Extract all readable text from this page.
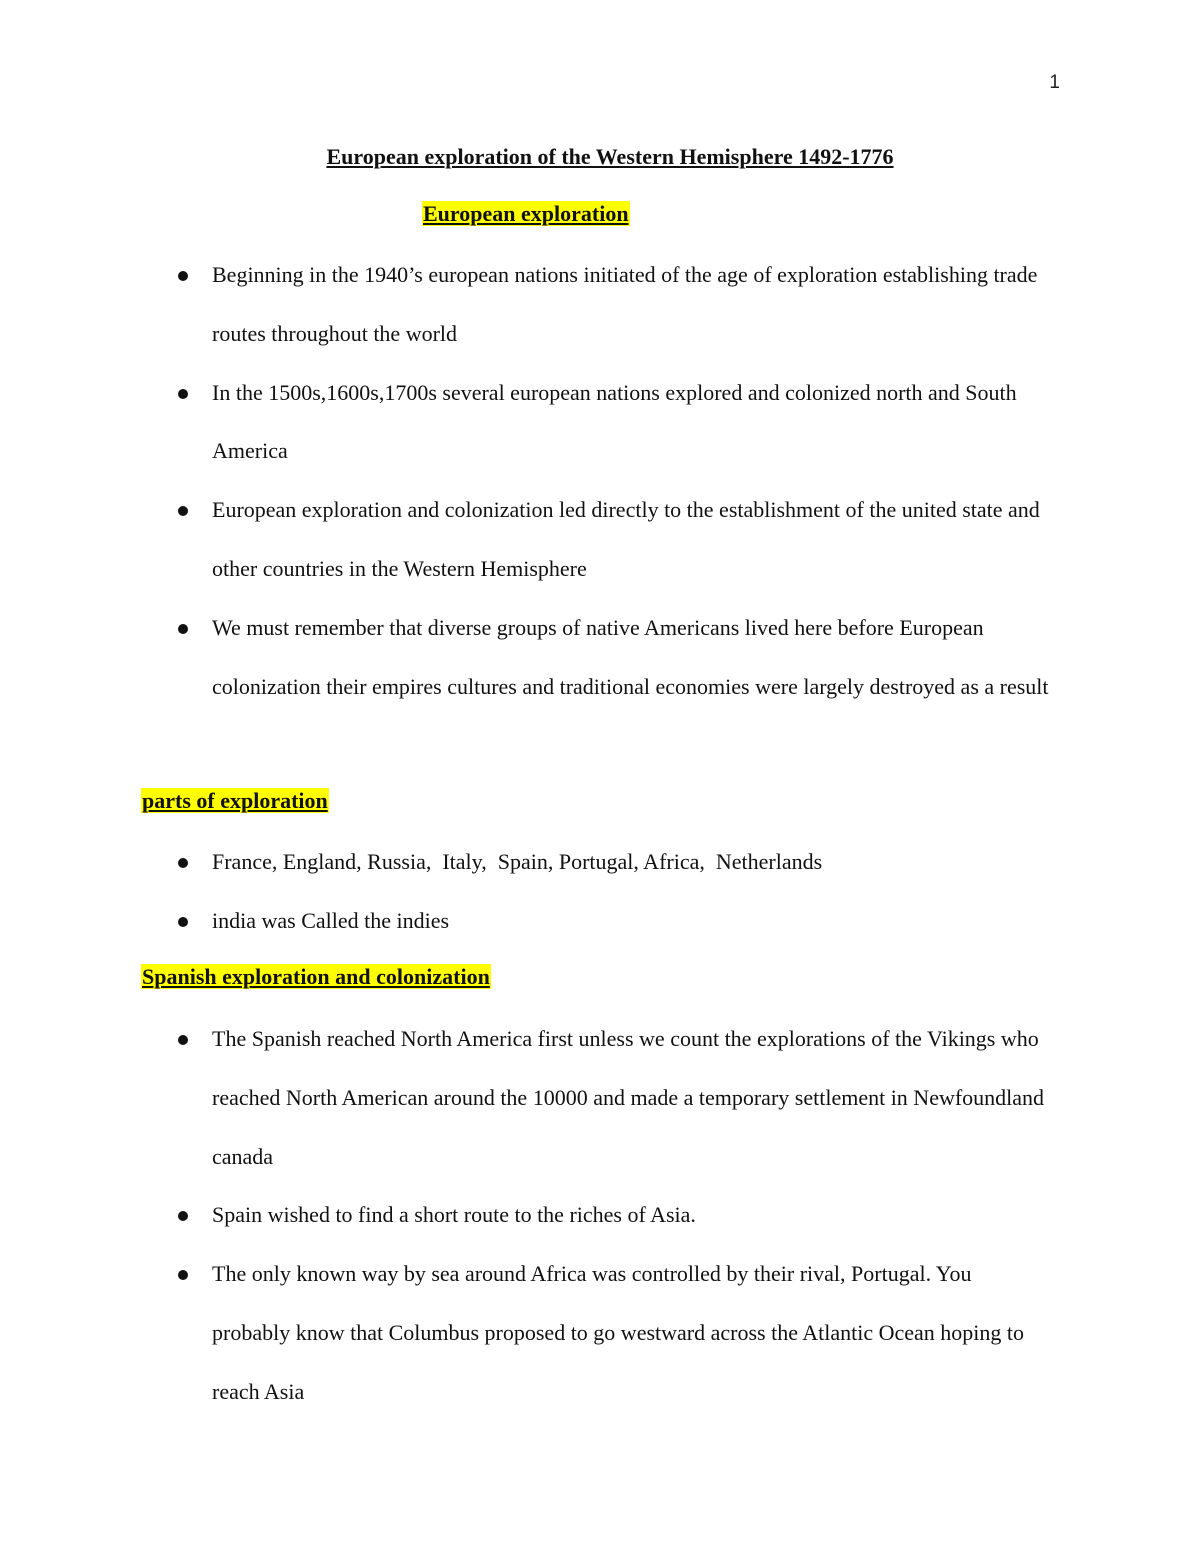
1
European exploration of the Western Hemisphere 1492-1776
European exploration
Beginning in the 1940’s european nations initiated of the age of exploration establishing trade routes throughout the world
In the 1500s,1600s,1700s several european nations explored and colonized north and South America
European exploration and colonization led directly to the establishment of the united state and other countries in the Western Hemisphere
We must remember that diverse groups of native Americans lived here before European colonization their empires cultures and traditional economies were largely destroyed as a result
parts of exploration
France, England, Russia,  Italy,  Spain, Portugal, Africa,  Netherlands
india was Called the indies
Spanish exploration and colonization
The Spanish reached North America first unless we count the explorations of the Vikings who reached North American around the 10000 and made a temporary settlement in Newfoundland canada
Spain wished to find a short route to the riches of Asia.
The only known way by sea around Africa was controlled by their rival, Portugal. You probably know that Columbus proposed to go westward across the Atlantic Ocean hoping to reach Asia
